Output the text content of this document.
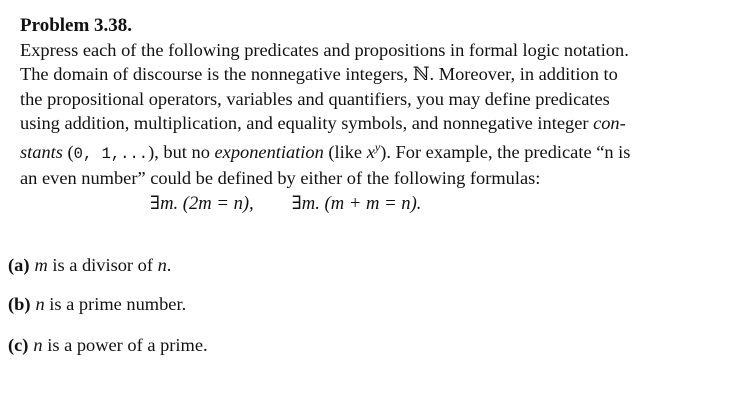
Problem 3.38.

Express each of the following predicates and propositions in formal logic notation.
The domain of discourse is the nonnegative integers, ℕ. Moreover, in addition to
the propositional operators, variables and quantifiers, you may define predicates
using addition, multiplication, and equality symbols, and nonnegative integer con-
stants (0, 1,...), but no exponentiation (like $x^y$). For example, the predicate “n is
an even number” could be defined by either of the following formulas:

∃m. (2m = n), ∃m. (m + m = n).
(a) m is a divisor of n.
(b) n is a prime number.
(c) n is a power of a prime.
